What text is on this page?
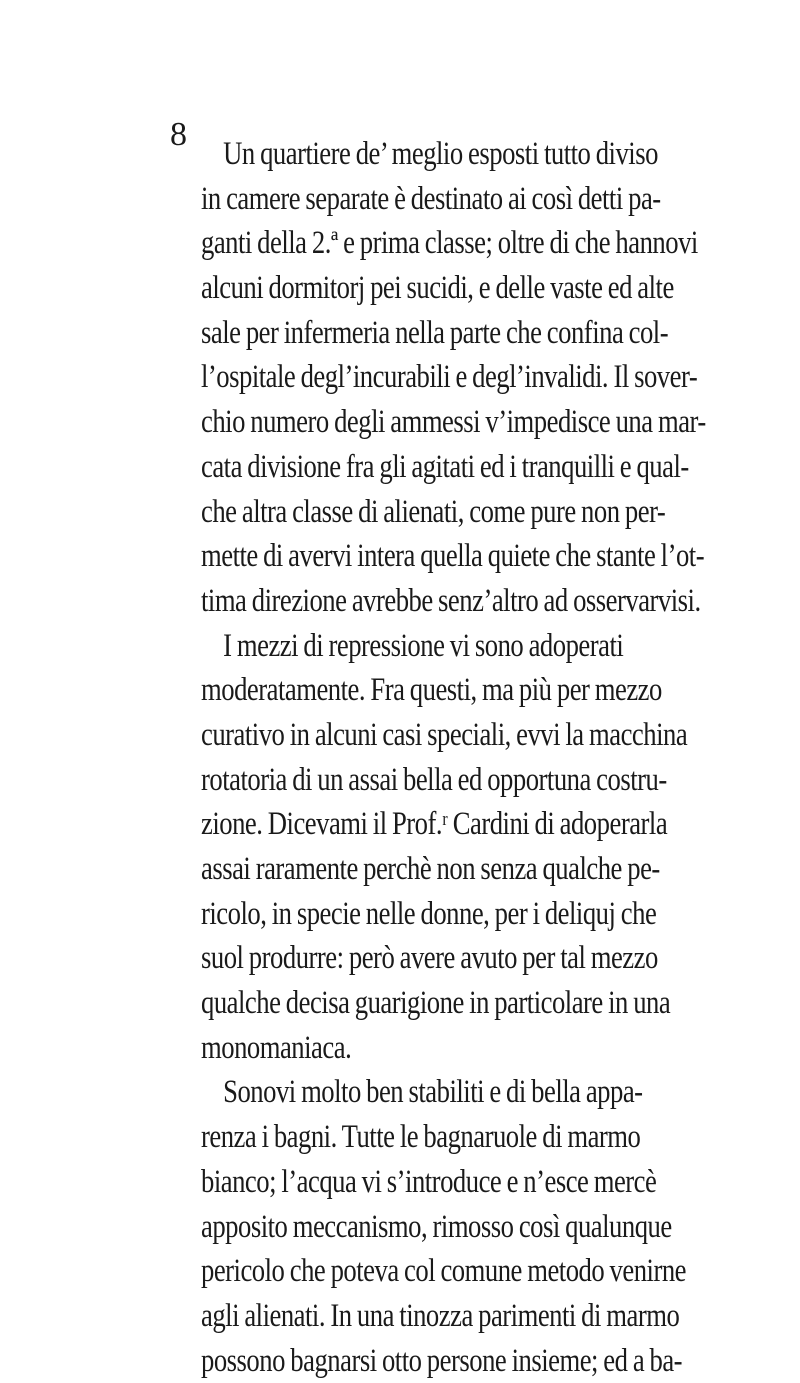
8
Un quartiere de’ meglio esposti tutto diviso
in camere separate è destinato ai così detti pa-
ganti della 2.ª e prima classe; oltre di che hannovi
alcuni dormitorj pei sucidi, e delle vaste ed alte
sale per infermeria nella parte che confina col-
l’ospitale degl’incurabili e degl’invalidi. Il sover-
chio numero degli ammessi v’impedisce una mar-
cata divisione fra gli agitati ed i tranquilli e qual-
che altra classe di alienati, come pure non per-
mette di avervi intera quella quiete che stante l’ot-
tima direzione avrebbe senz’altro ad osservarvisi.
I mezzi di repressione vi sono adoperati
moderatamente. Fra questi, ma più per mezzo
curativo in alcuni casi speciali, evvi la macchina
rotatoria di un assai bella ed opportuna costru-
zione. Dicevami il Prof.ʳ Cardini di adoperarla
assai raramente perchè non senza qualche pe-
ricolo, in specie nelle donne, per i deliquj che
suol produrre: però avere avuto per tal mezzo
qualche decisa guarigione in particolare in una
monomaniaca.
Sonovi molto ben stabiliti e di bella appa-
renza i bagni. Tutte le bagnaruole di marmo
bianco; l’acqua vi s’introduce e n’esce mercè
apposito meccanismo, rimosso così qualunque
pericolo che poteva col comune metodo venirne
agli alienati. In una tinozza parimenti di marmo
possono bagnarsi otto persone insieme; ed a ba-
